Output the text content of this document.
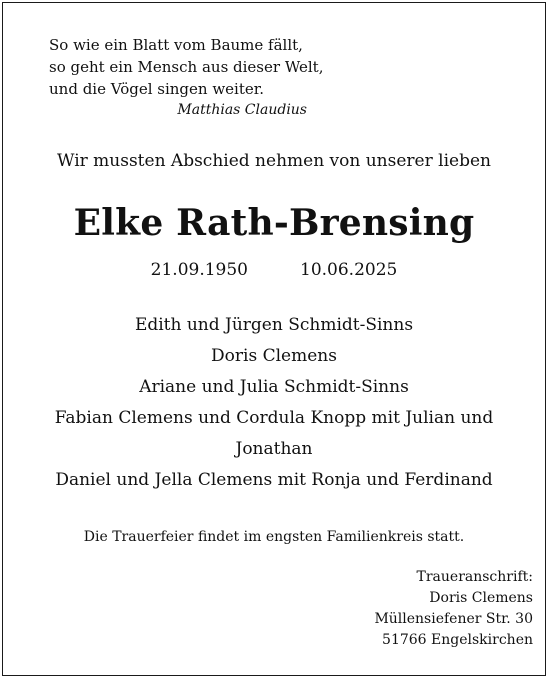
So wie ein Blatt vom Baume fällt,
so geht ein Mensch aus dieser Welt,
und die Vögel singen weiter.
Matthias Claudius
Wir mussten Abschied nehmen von unserer lieben
Elke Rath-Brensing
21.09.1950	10.06.2025
Edith und Jürgen Schmidt-Sinns
Doris Clemens
Ariane und Julia Schmidt-Sinns
Fabian Clemens und Cordula Knopp mit Julian und
Jonathan
Daniel und Jella Clemens mit Ronja und Ferdinand
Die Trauerfeier findet im engsten Familienkreis statt.
Traueranschrift:
Doris Clemens
Müllensiefener Str. 30
51766 Engelskirchen
